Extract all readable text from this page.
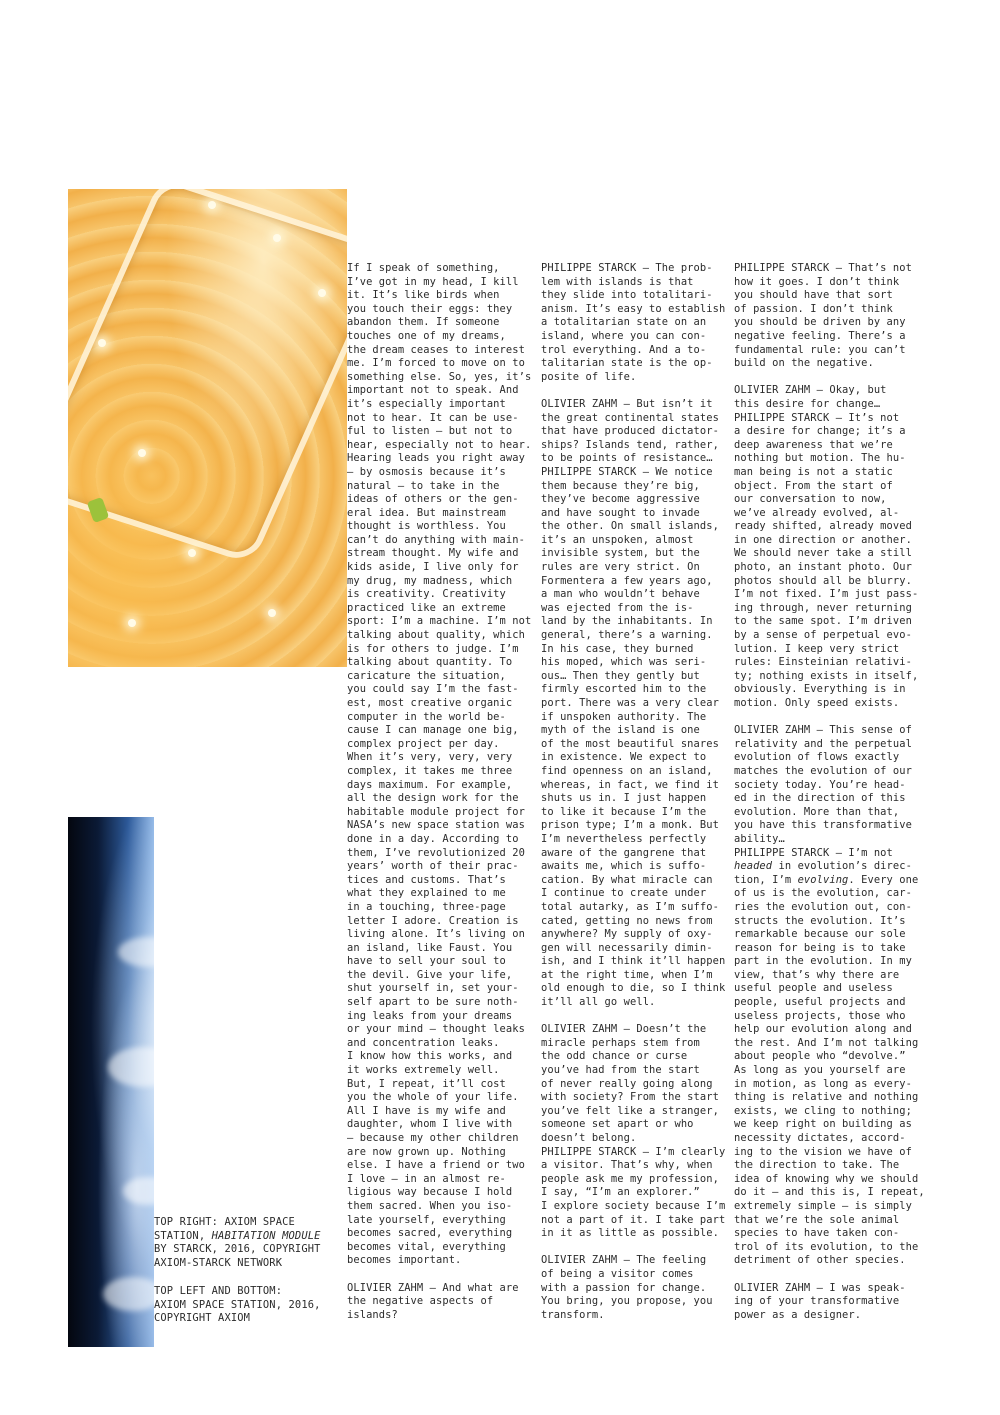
TOP RIGHT: AXIOM SPACE
STATION, HABITATION MODULE
BY STARCK, 2016, COPYRIGHT
AXIOM-STARCK NETWORK
TOP LEFT AND BOTTOM:
AXIOM SPACE STATION, 2016,
COPYRIGHT AXIOM
If I speak of something,
I’ve got in my head, I kill
it. It’s like birds when
you touch their eggs: they
abandon them. If someone
touches one of my dreams,
the dream ceases to interest
me. I’m forced to move on to
something else. So, yes, it’s
important not to speak. And
it’s especially important
not to hear. It can be use-
ful to listen – but not to
hear, especially not to hear.
Hearing leads you right away
– by osmosis because it’s
natural – to take in the
ideas of others or the gen-
eral idea. But mainstream
thought is worthless. You
can’t do anything with main-
stream thought. My wife and
kids aside, I live only for
my drug, my madness, which
is creativity. Creativity
practiced like an extreme
sport: I’m a machine. I’m not
talking about quality, which
is for others to judge. I’m
talking about quantity. To
caricature the situation,
you could say I’m the fast-
est, most creative organic
computer in the world be-
cause I can manage one big,
complex project per day.
When it’s very, very, very
complex, it takes me three
days maximum. For example,
all the design work for the
habitable module project for
NASA’s new space station was
done in a day. According to
them, I’ve revolutionized 20
years’ worth of their prac-
tices and customs. That’s
what they explained to me
in a touching, three-page
letter I adore. Creation is
living alone. It’s living on
an island, like Faust. You
have to sell your soul to
the devil. Give your life,
shut yourself in, set your-
self apart to be sure noth-
ing leaks from your dreams
or your mind – thought leaks
and concentration leaks.
I know how this works, and
it works extremely well.
But, I repeat, it’ll cost
you the whole of your life.
All I have is my wife and
daughter, whom I live with
– because my other children
are now grown up. Nothing
else. I have a friend or two
I love – in an almost re-
ligious way because I hold
them sacred. When you iso-
late yourself, everything
becomes sacred, everything
becomes vital, everything
becomes important.
OLIVIER ZAHM – And what are
the negative aspects of
islands?
PHILIPPE STARCK – The prob-
lem with islands is that
they slide into totalitari-
anism. It’s easy to establish
a totalitarian state on an
island, where you can con-
trol everything. And a to-
talitarian state is the op-
posite of life.
OLIVIER ZAHM – But isn’t it
the great continental states
that have produced dictator-
ships? Islands tend, rather,
to be points of resistance…
PHILIPPE STARCK – We notice
them because they’re big,
they’ve become aggressive
and have sought to invade
the other. On small islands,
it’s an unspoken, almost
invisible system, but the
rules are very strict. On
Formentera a few years ago,
a man who wouldn’t behave
was ejected from the is-
land by the inhabitants. In
general, there’s a warning.
In his case, they burned
his moped, which was seri-
ous… Then they gently but
firmly escorted him to the
port. There was a very clear
if unspoken authority. The
myth of the island is one
of the most beautiful snares
in existence. We expect to
find openness on an island,
whereas, in fact, we find it
shuts us in. I just happen
to like it because I’m the
prison type; I’m a monk. But
I’m nevertheless perfectly
aware of the gangrene that
awaits me, which is suffo-
cation. By what miracle can
I continue to create under
total autarky, as I’m suffo-
cated, getting no news from
anywhere? My supply of oxy-
gen will necessarily dimin-
ish, and I think it’ll happen
at the right time, when I’m
old enough to die, so I think
it’ll all go well.
OLIVIER ZAHM – Doesn’t the
miracle perhaps stem from
the odd chance or curse
you’ve had from the start
of never really going along
with society? From the start
you’ve felt like a stranger,
someone set apart or who
doesn’t belong.
PHILIPPE STARCK – I’m clearly
a visitor. That’s why, when
people ask me my profession,
I say, “I’m an explorer.”
I explore society because I’m
not a part of it. I take part
in it as little as possible.
OLIVIER ZAHM – The feeling
of being a visitor comes
with a passion for change.
You bring, you propose, you
transform.
PHILIPPE STARCK – That’s not
how it goes. I don’t think
you should have that sort
of passion. I don’t think
you should be driven by any
negative feeling. There’s a
fundamental rule: you can’t
build on the negative.
OLIVIER ZAHM – Okay, but
this desire for change…
PHILIPPE STARCK – It’s not
a desire for change; it’s a
deep awareness that we’re
nothing but motion. The hu-
man being is not a static
object. From the start of
our conversation to now,
we’ve already evolved, al-
ready shifted, already moved
in one direction or another.
We should never take a still
photo, an instant photo. Our
photos should all be blurry.
I’m not fixed. I’m just pass-
ing through, never returning
to the same spot. I’m driven
by a sense of perpetual evo-
lution. I keep very strict
rules: Einsteinian relativi-
ty; nothing exists in itself,
obviously. Everything is in
motion. Only speed exists.
OLIVIER ZAHM – This sense of
relativity and the perpetual
evolution of flows exactly
matches the evolution of our
society today. You’re head-
ed in the direction of this
evolution. More than that,
you have this transformative
ability…
PHILIPPE STARCK – I’m not
headed in evolution’s direc-
tion, I’m evolving. Every one
of us is the evolution, car-
ries the evolution out, con-
structs the evolution. It’s
remarkable because our sole
reason for being is to take
part in the evolution. In my
view, that’s why there are
useful people and useless
people, useful projects and
useless projects, those who
help our evolution along and
the rest. And I’m not talking
about people who “devolve.”
As long as you yourself are
in motion, as long as every-
thing is relative and nothing
exists, we cling to nothing;
we keep right on building as
necessity dictates, accord-
ing to the vision we have of
the direction to take. The
idea of knowing why we should
do it – and this is, I repeat,
extremely simple – is simply
that we’re the sole animal
species to have taken con-
trol of its evolution, to the
detriment of other species.
OLIVIER ZAHM – I was speak-
ing of your transformative
power as a designer.
